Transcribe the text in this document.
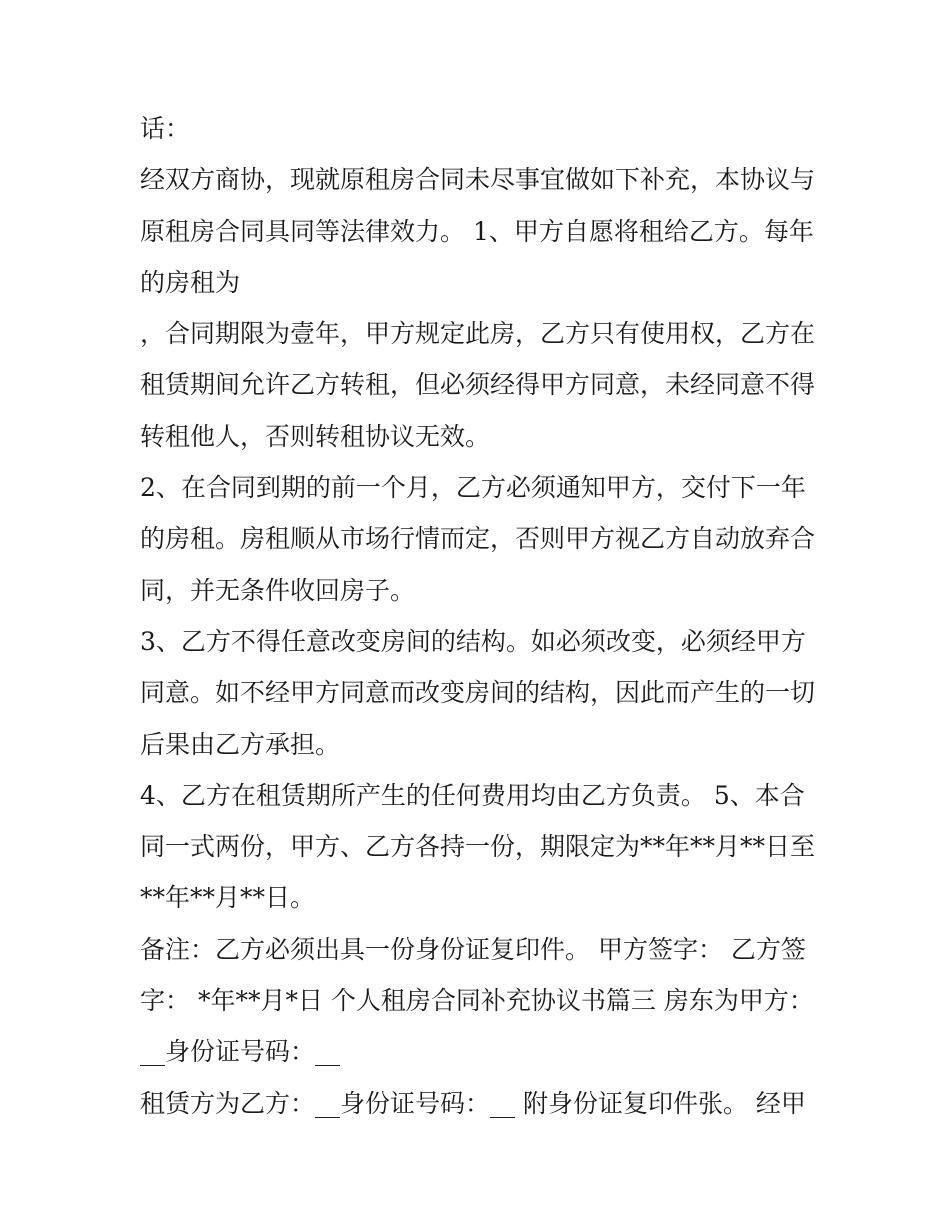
话：

经双方商协，现就原租房合同未尽事宜做如下补充，本协议与

原租房合同具同等法律效力。 1、甲方自愿将租给乙方。每年

的房租为

，合同期限为壹年，甲方规定此房，乙方只有使用权，乙方在

租赁期间允许乙方转租，但必须经得甲方同意，未经同意不得

转租他人，否则转租协议无效。

2、在合同到期的前一个月，乙方必须通知甲方，交付下一年

的房租。房租顺从市场行情而定，否则甲方视乙方自动放弃合

同，并无条件收回房子。

3、乙方不得任意改变房间的结构。如必须改变，必须经甲方

同意。如不经甲方同意而改变房间的结构，因此而产生的一切

后果由乙方承担。

4、乙方在租赁期所产生的任何费用均由乙方负责。 5、本合

同一式两份，甲方、乙方各持一份，期限定为**年**月**日至

**年**月**日。

备注：乙方必须出具一份身份证复印件。 甲方签字： 乙方签

字： *年**月*日 个人租房合同补充协议书篇三 房东为甲方：

__身份证号码：__

租赁方为乙方：__身份证号码：__ 附身份证复印件张。 经甲
